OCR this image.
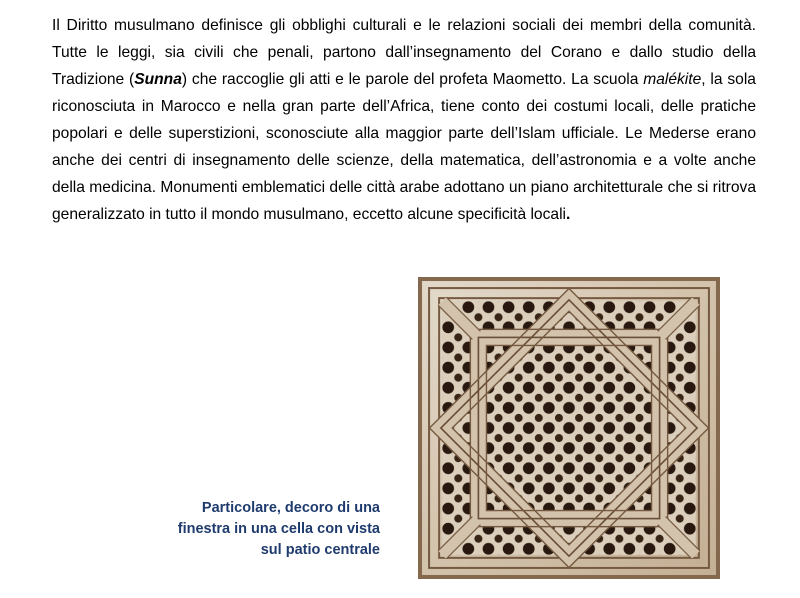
Il Diritto musulmano definisce gli obblighi culturali e le relazioni sociali dei membri della comunità. Tutte le leggi, sia civili che penali, partono dall’insegnamento del Corano e dallo studio della Tradizione (Sunna) che raccoglie gli atti e le parole del profeta Maometto. La scuola malékite, la sola riconosciuta in Marocco e nella gran parte dell’Africa, tiene conto dei costumi locali, delle pratiche popolari e delle superstizioni, sconosciute alla maggior parte dell’Islam ufficiale. Le Mederse erano anche dei centri di insegnamento delle scienze, della matematica, dell’astronomia e a volte anche della medicina. Monumenti emblematici delle città arabe adottano un piano architetturale che si ritrova generalizzato in tutto il mondo musulmano, eccetto alcune specificità locali.

Particolare, decoro di una
finestra in una cella con vista
sul patio centrale
